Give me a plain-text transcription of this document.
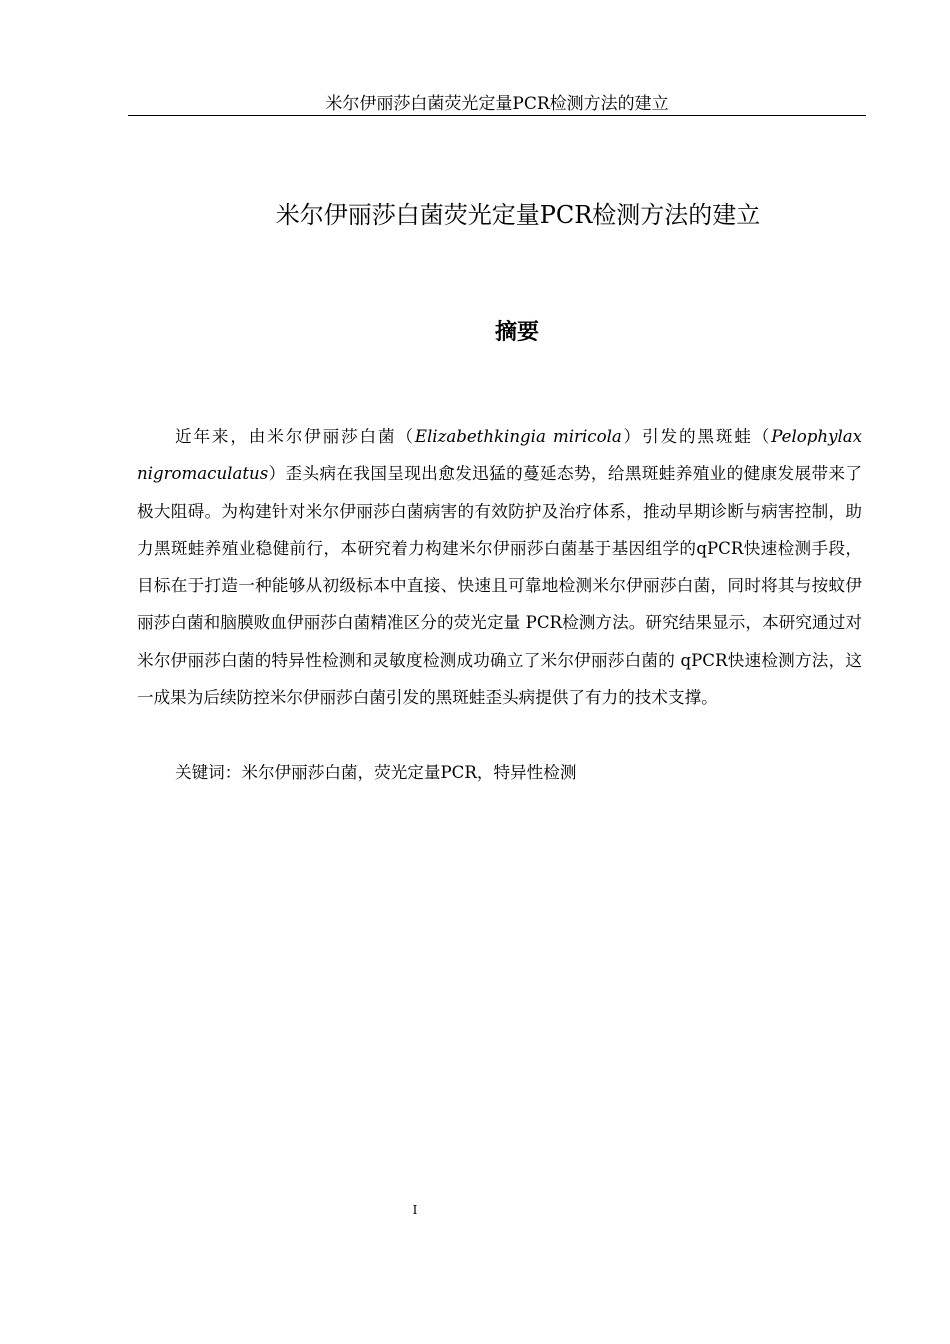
米尔伊丽莎白菌荧光定量PCR检测方法的建立
米尔伊丽莎白菌荧光定量PCR检测方法的建立
摘要

近年来，由米尔伊丽莎白菌（Elizabethkingia miricola）引发的黑斑蛙（Pelophylax nigromaculatus）歪头病在我国呈现出愈发迅猛的蔓延态势，给黑斑蛙养殖业的健康发展带来了极大阻碍。为构建针对米尔伊丽莎白菌病害的有效防护及治疗体系，推动早期诊断与病害控制，助力黑斑蛙养殖业稳健前行，本研究着力构建米尔伊丽莎白菌基于基因组学的qPCR快速检测手段，目标在于打造一种能够从初级标本中直接、快速且可靠地检测米尔伊丽莎白菌，同时将其与按蚊伊丽莎白菌和脑膜败血伊丽莎白菌精准区分的荧光定量 PCR检测方法。研究结果显示，本研究通过对米尔伊丽莎白菌的特异性检测和灵敏度检测成功确立了米尔伊丽莎白菌的 qPCR快速检测方法，这一成果为后续防控米尔伊丽莎白菌引发的黑斑蛙歪头病提供了有力的技术支撑。

关键词：米尔伊丽莎白菌，荧光定量PCR，特异性检测
I
